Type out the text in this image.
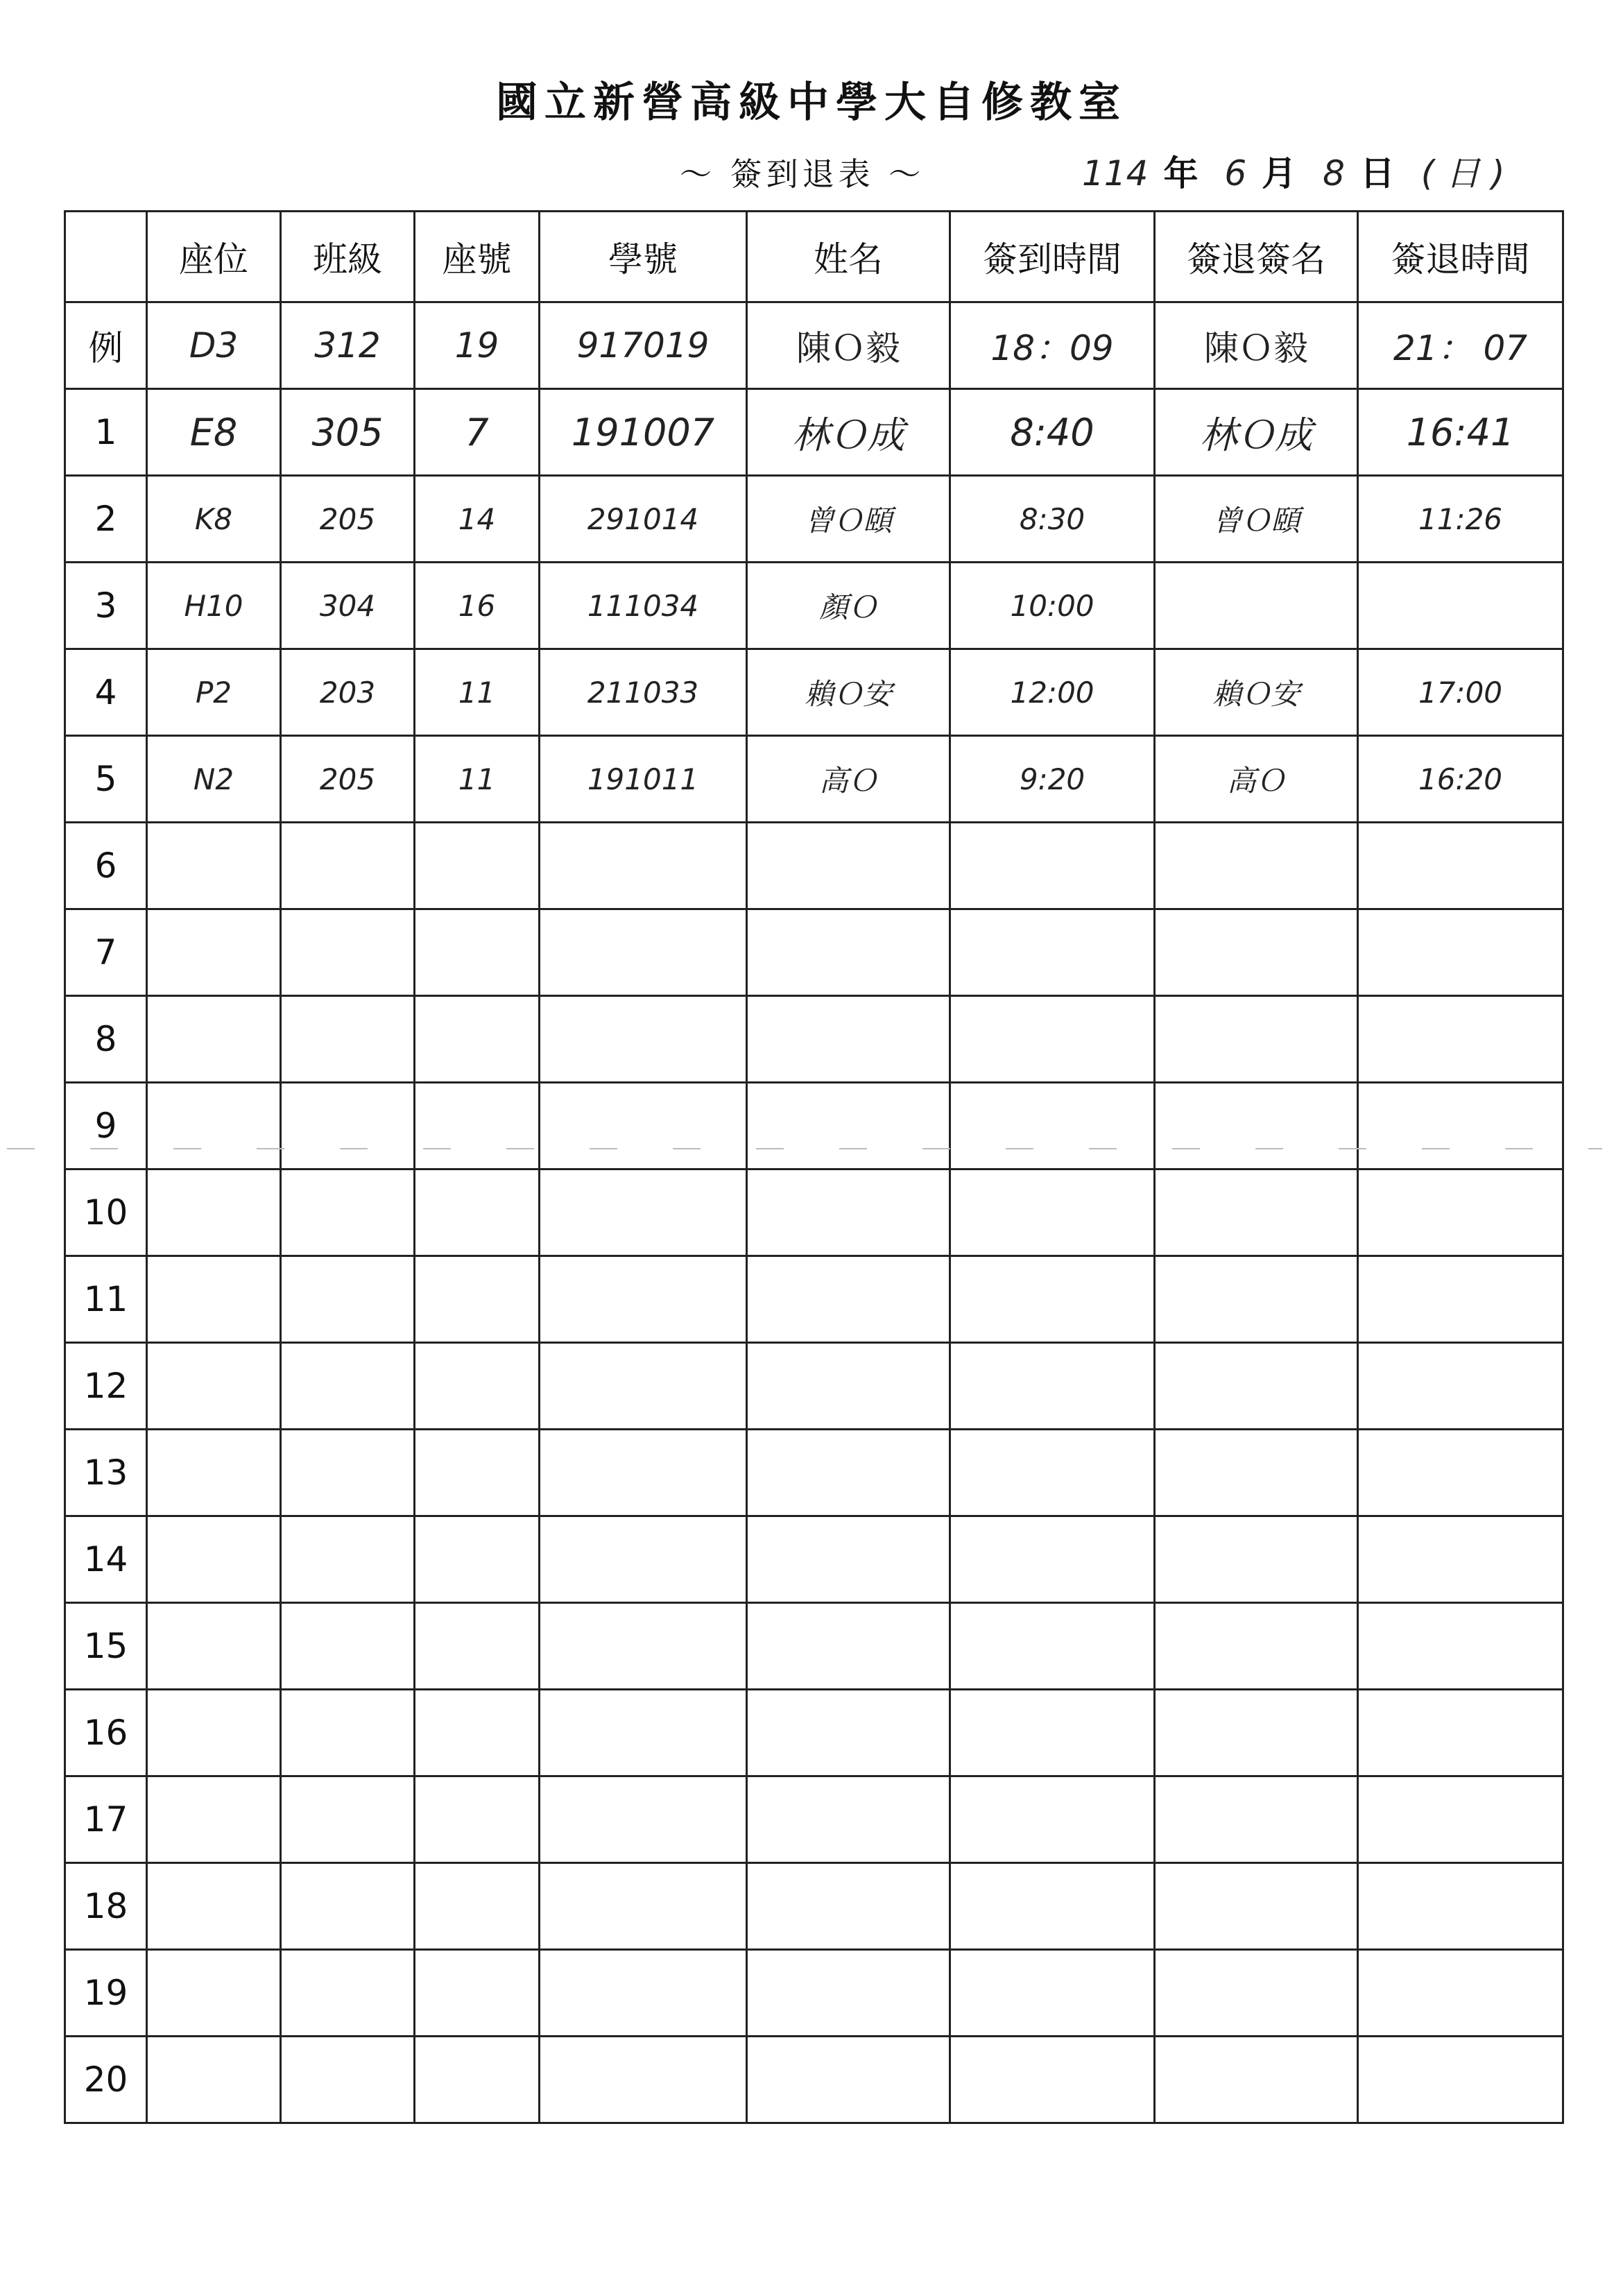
國立新營高級中學大自修教室
～ 簽到退表 ～	114 年 6 月 8 日 ( 日 )
	座位	班級	座號	學號	姓名	簽到時間	簽退簽名	簽退時間
例	D3	312	19	917019	陳Ｏ毅	18：09	陳Ｏ毅	21： 07
1	E8	305	7	191007	林Ｏ成	8:40	林Ｏ成	16:41
2	K8	205	14	291014	曾Ｏ頤	8:30	曾Ｏ頤	11:26
3	H10	304	16	111034	顏Ｏ	10:00		
4	P2	203	11	211033	賴Ｏ安	12:00	賴Ｏ安	17:00
5	N2	205	11	191011	高Ｏ	9:20	高Ｏ	16:20
6								
7								
8								
9								
10								
11								
12								
13								
14								
15								
16								
17								
18								
19								
20								
